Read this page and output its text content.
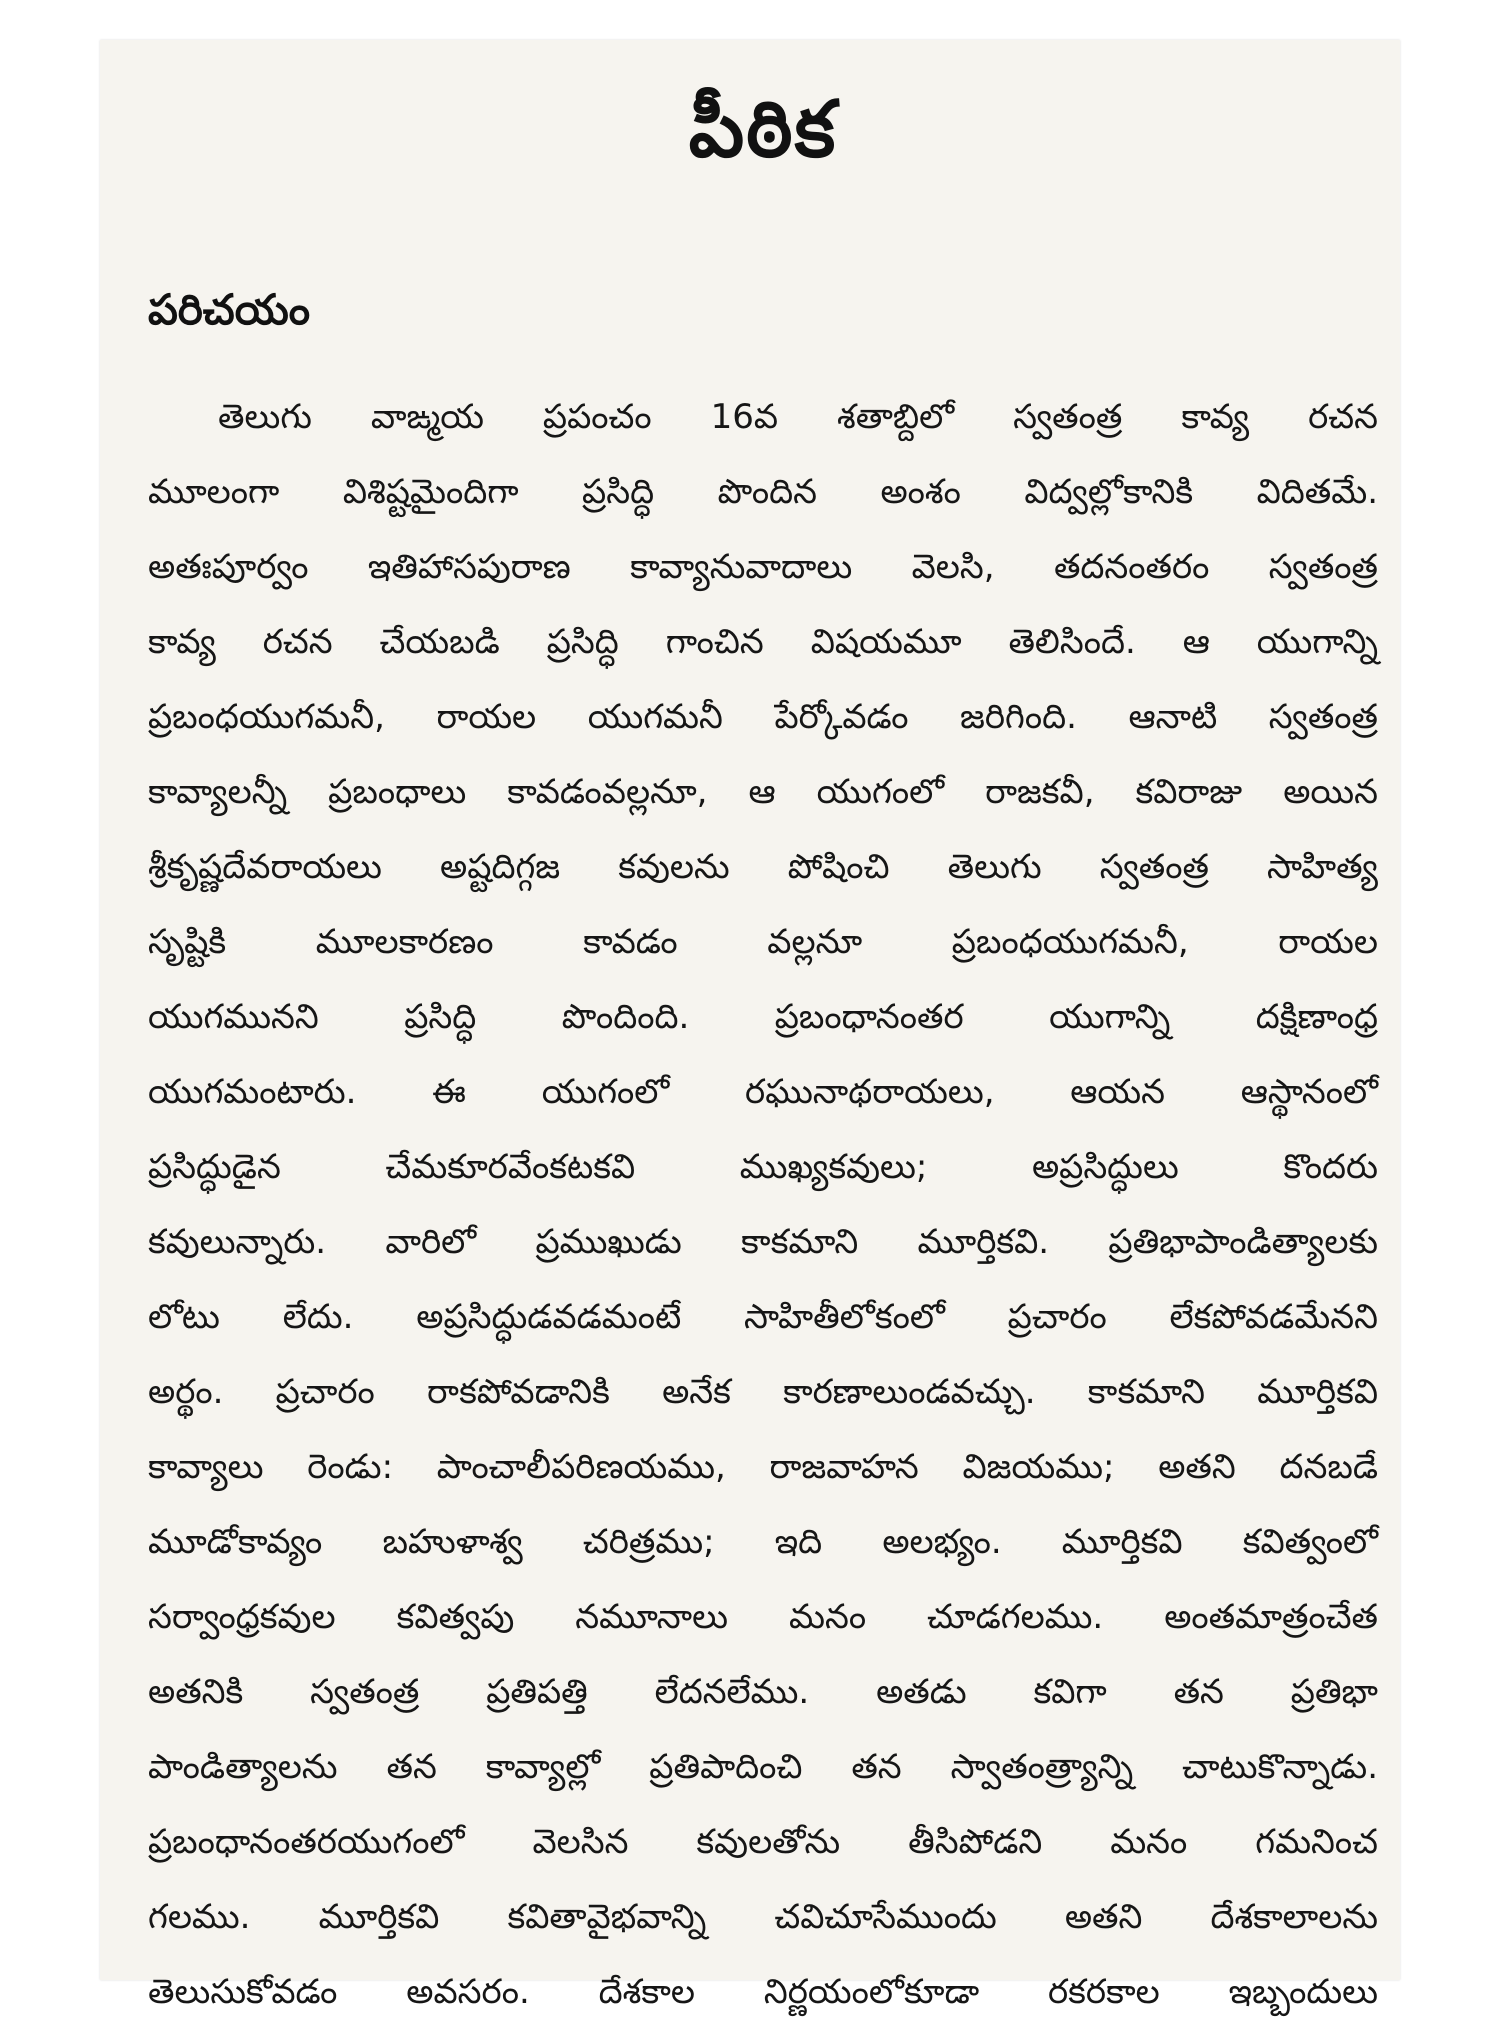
పీఠిక
పరిచయం
తెలుగు వాఙ్మయ ప్రపంచం 16వ శతాబ్దిలో స్వతంత్ర కావ్య రచన
మూలంగా విశిష్టమైందిగా ప్రసిద్ధి పొందిన అంశం విద్వల్లోకానికి విదితమే.
అతఃపూర్వం ఇతిహాసపురాణ కావ్యానువాదాలు వెలసి, తదనంతరం స్వతంత్ర
కావ్య రచన చేయబడి ప్రసిద్ధి గాంచిన విషయమూ తెలిసిందే. ఆ యుగాన్ని
ప్రబంధయుగమనీ, రాయల యుగమనీ పేర్కోవడం జరిగింది. ఆనాటి స్వతంత్ర
కావ్యాలన్నీ ప్రబంధాలు కావడంవల్లనూ, ఆ యుగంలో రాజకవీ, కవిరాజు అయిన
శ్రీకృష్ణదేవరాయలు అష్టదిగ్గజ కవులను పోషించి తెలుగు స్వతంత్ర సాహిత్య
సృష్టికి మూలకారణం కావడం వల్లనూ ప్రబంధయుగమనీ, రాయల
యుగమునని ప్రసిద్ధి పొందింది. ప్రబంధానంతర యుగాన్ని దక్షిణాంధ్ర
యుగమంటారు. ఈ యుగంలో రఘునాథరాయలు, ఆయన ఆస్థానంలో
ప్రసిద్ధుడైన చేమకూరవేంకటకవి ముఖ్యకవులు; అప్రసిద్ధులు కొందరు
కవులున్నారు. వారిలో ప్రముఖుడు కాకమాని మూర్తికవి. ప్రతిభాపాండిత్యాలకు
లోటు లేదు. అప్రసిద్ధుడవడమంటే సాహితీలోకంలో ప్రచారం లేకపోవడమేనని
అర్థం. ప్రచారం రాకపోవడానికి అనేక కారణాలుండవచ్చు. కాకమాని మూర్తికవి
కావ్యాలు రెండు: పాంచాలీపరిణయము, రాజవాహన విజయము; అతని దనబడే
మూడోకావ్యం బహుళాశ్వ చరిత్రము; ఇది అలభ్యం. మూర్తికవి కవిత్వంలో
సర్వాంధ్రకవుల కవిత్వపు నమూనాలు మనం చూడగలము. అంతమాత్రంచేత
అతనికి స్వతంత్ర ప్రతిపత్తి లేదనలేము. అతడు కవిగా తన ప్రతిభా
పాండిత్యాలను తన కావ్యాల్లో ప్రతిపాదించి తన స్వాతంత్ర్యాన్ని చాటుకొన్నాడు.
ప్రబంధానంతరయుగంలో వెలసిన కవులతోను తీసిపోడని మనం గమనించ
గలము. మూర్తికవి కవితావైభవాన్ని చవిచూసేముందు అతని దేశకాలాలను
తెలుసుకోవడం అవసరం. దేశకాల నిర్ణయంలోకూడా రకరకాల ఇబ్బందులు
